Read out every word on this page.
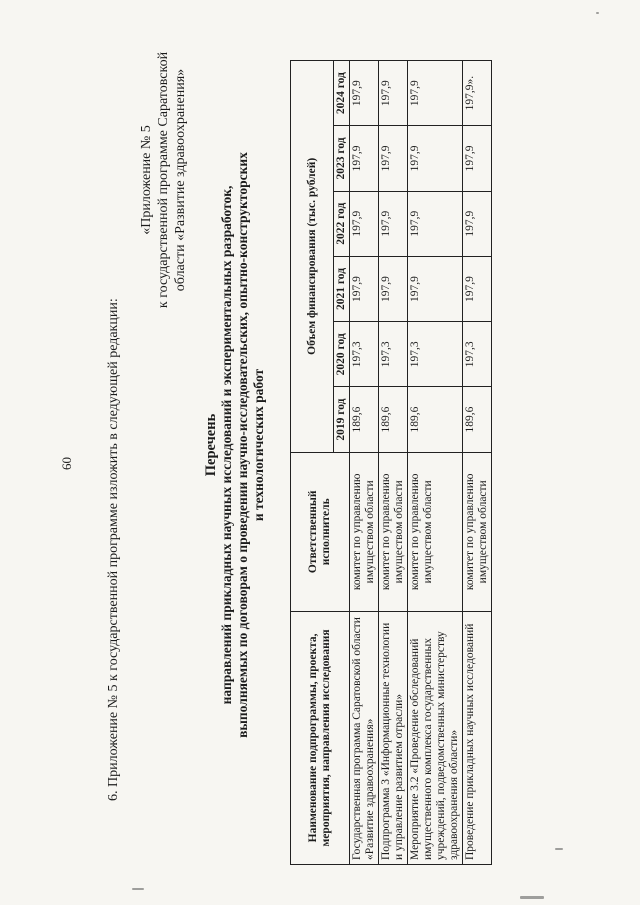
60 6. Приложение № 5 к государственной программе изложить в следующей редакции:
«Приложение № 5 к государственной программе Саратовской области «Развитие здравоохранения»
Перечень направлений прикладных научных исследований и экспериментальных разработок, выполняемых по договорам о проведении научно-исследовательских, опытно-конструкторских и технологических работ
Наименование подпрограммы, проекта, мероприятия, направления исследования	Ответственный исполнитель	Объем финансирования (тыс. рублей)					
		2019 год	2020 год	2021 год	2022 год	2023 год	2024 год
Государственная программа Саратовской области «Развитие здравоохранения»	комитет по управлению имуществом области	189,6	197,3	197,9	197,9	197,9	197,9
Подпрограмма 3 «Информационные технологии и управление развитием отрасли»	комитет по управлению имуществом области	189,6	197,3	197,9	197,9	197,9	197,9
Мероприятие 3.2 «Проведение обследований имущественного комплекса государственных учреждений, подведомственных министерству здравоохранения области»	комитет по управлению имуществом области	189,6	197,3	197,9	197,9	197,9	197,9
Проведение прикладных научных исследований	комитет по управлению имуществом области	189,6	197,3	197,9	197,9	197,9	197,9».
